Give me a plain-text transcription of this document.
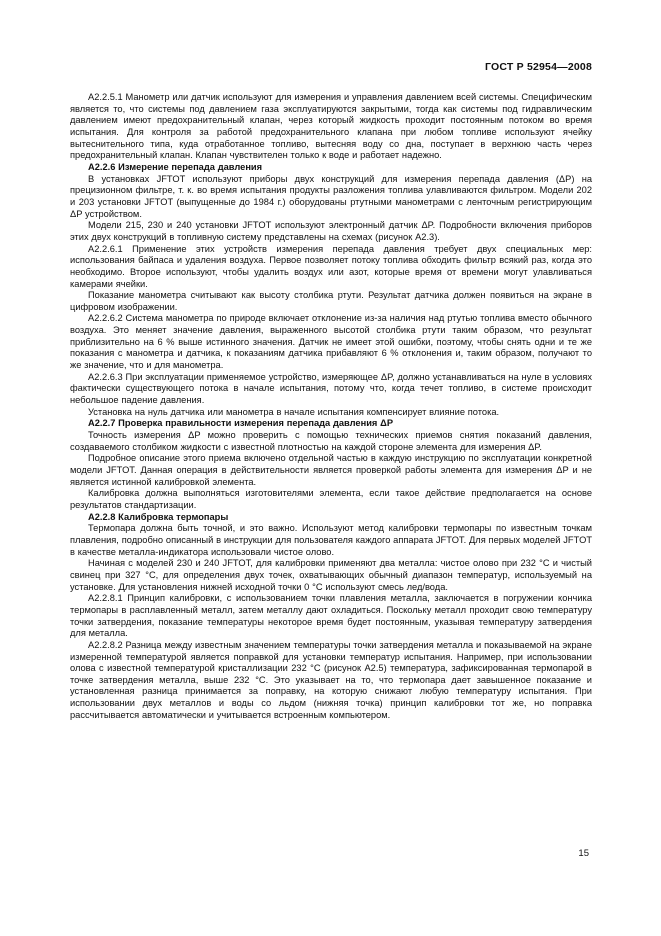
ГОСТ Р 52954—2008

А2.2.5.1 Манометр или датчик используют для измерения и управления давлением всей системы. Специфическим является то, что системы под давлением газа эксплуатируются закрытыми, тогда как системы под гидравлическим давлением имеют предохранительный клапан, через который жидкость проходит постоянным потоком во время испытания. Для контроля за работой предохранительного клапана при любом топливе используют ячейку вытеснительного типа, куда отработанное топливо, вытесняя воду со дна, поступает в верхнюю часть через предохранительный клапан. Клапан чувствителен только к воде и работает надежно.

А2.2.6 Измерение перепада давления

В установках JFTOT используют приборы двух конструкций для измерения перепада давления (ΔP) на прецизионном фильтре, т. к. во время испытания продукты разложения топлива улавливаются фильтром. Модели 202 и 203 установки JFTOT (выпущенные до 1984 г.) оборудованы ртутными манометрами с ленточным регистрирующим ΔP устройством.

Модели 215, 230 и 240 установки JFTOT используют электронный датчик ΔP. Подробности включения приборов этих двух конструкций в топливную систему представлены на схемах (рисунок А2.3).

А2.2.6.1 Применение этих устройств измерения перепада давления требует двух специальных мер: использования байпаса и удаления воздуха. Первое позволяет потоку топлива обходить фильтр всякий раз, когда это необходимо. Второе используют, чтобы удалить воздух или азот, которые время от времени могут улавливаться камерами ячейки.

Показание манометра считывают как высоту столбика ртути. Результат датчика должен появиться на экране в цифровом изображении.

А2.2.6.2 Система манометра по природе включает отклонение из-за наличия над ртутью топлива вместо обычного воздуха. Это меняет значение давления, выраженного высотой столбика ртути таким образом, что результат приблизительно на 6 % выше истинного значения. Датчик не имеет этой ошибки, поэтому, чтобы снять одни и те же показания с манометра и датчика, к показаниям датчика прибавляют 6 % отклонения и, таким образом, получают то же значение, что и для манометра.

А2.2.6.3 При эксплуатации применяемое устройство, измеряющее ΔP, должно устанавливаться на нуле в условиях фактически существующего потока в начале испытания, потому что, когда течет топливо, в системе происходит небольшое падение давления.

Установка на нуль датчика или манометра в начале испытания компенсирует влияние потока.

А2.2.7 Проверка правильности измерения перепада давления ΔP

Точность измерения ΔP можно проверить с помощью технических приемов снятия показаний давления, создаваемого столбиком жидкости с известной плотностью на каждой стороне элемента для измерения ΔP.

Подробное описание этого приема включено отдельной частью в каждую инструкцию по эксплуатации конкретной модели JFTOT. Данная операция в действительности является проверкой работы элемента для измерения ΔP и не является истинной калибровкой элемента.

Калибровка должна выполняться изготовителями элемента, если такое действие предполагается на основе результатов стандартизации.

А2.2.8 Калибровка термопары

Термопара должна быть точной, и это важно. Используют метод калибровки термопары по известным точкам плавления, подробно описанный в инструкции для пользователя каждого аппарата JFTOT. Для первых моделей JFTOT в качестве металла-индикатора использовали чистое олово.

Начиная с моделей 230 и 240 JFTOT, для калибровки применяют два металла: чистое олово при 232 °С и чистый свинец при 327 °С, для определения двух точек, охватывающих обычный диапазон температур, используемый на установке. Для установления нижней исходной точки 0 °С используют смесь лед/вода.

А2.2.8.1 Принцип калибровки, с использованием точки плавления металла, заключается в погружении кончика термопары в расплавленный металл, затем металлу дают охладиться. Поскольку металл проходит свою температуру точки затвердения, показание температуры некоторое время будет постоянным, указывая температуру затвердения для металла.

А2.2.8.2 Разница между известным значением температуры точки затвердения металла и показываемой на экране измеренной температурой является поправкой для установки температур испытания. Например, при использовании олова с известной температурой кристаллизации 232 °С (рисунок А2.5) температура, зафиксированная термопарой в точке затвердения металла, выше 232 °С. Это указывает на то, что термопара дает завышенное показание и установленная разница принимается за поправку, на которую снижают любую температуру испытания. При использовании двух металлов и воды со льдом (нижняя точка) принцип калибровки тот же, но поправка рассчитывается автоматически и учитывается встроенным компьютером.

15
